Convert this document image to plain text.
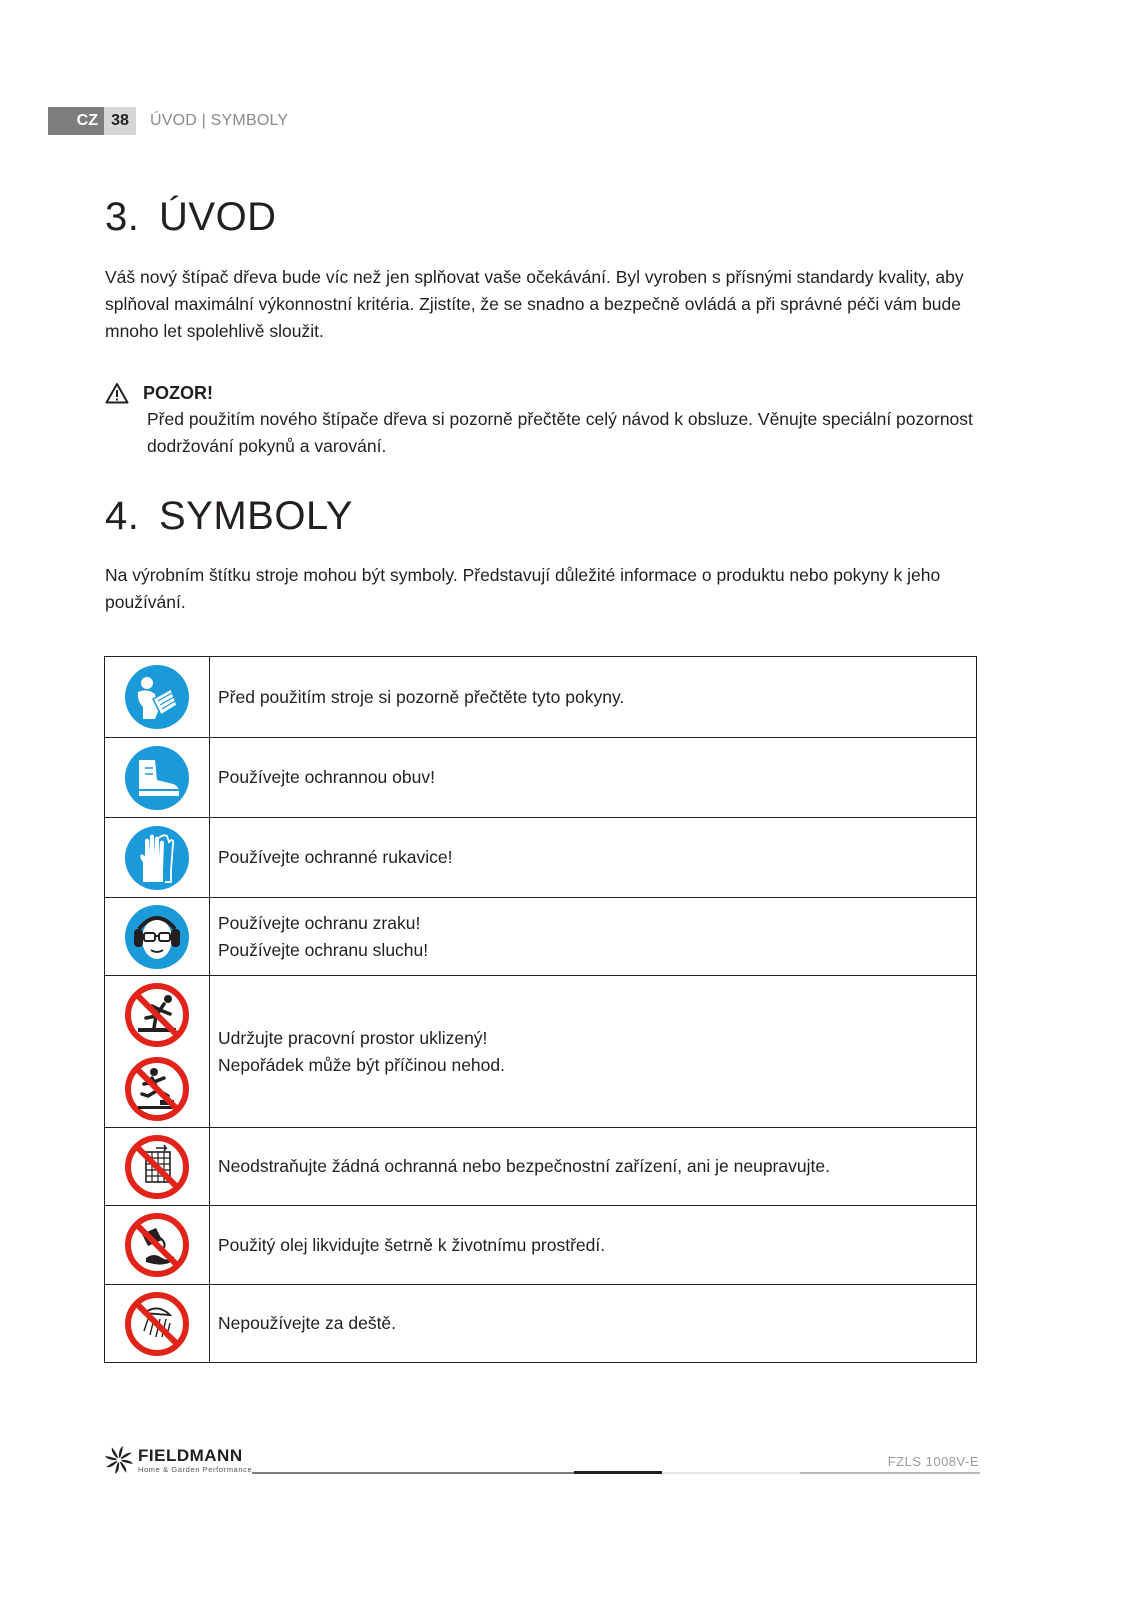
CZ 38	ÚVOD | SYMBOLY
3. ÚVOD

Váš nový štípač dřeva bude víc než jen splňovat vaše očekávání. Byl vyroben s přísnými standardy kvality, aby splňoval maximální výkonnostní kritéria. Zjistíte, že se snadno a bezpečně ovládá a při správné péči vám bude mnoho let spolehlivě sloužit.

POZOR!

Před použitím nového štípače dřeva si pozorně přečtěte celý návod k obsluze. Věnujte speciální pozornost dodržování pokynů a varování.

4. SYMBOLY

Na výrobním štítku stroje mohou být symboly. Představují důležité informace o produktu nebo pokyny k jeho používání.

Před použitím stroje si pozorně přečtěte tyto pokyny.

Používejte ochrannou obuv!

Používejte ochranné rukavice!

Používejte ochranu zraku!
Používejte ochranu sluchu!

Udržujte pracovní prostor uklizený!
Nepořádek může být příčinou nehod.

Neodstraňujte žádná ochranná nebo bezpečnostní zařízení, ani je neupravujte.

Použitý olej likvidujte šetrně k životnímu prostředí.

Nepoužívejte za deště.
FIELDMANN
Home & Garden Performance	FZLS 1008V-E
